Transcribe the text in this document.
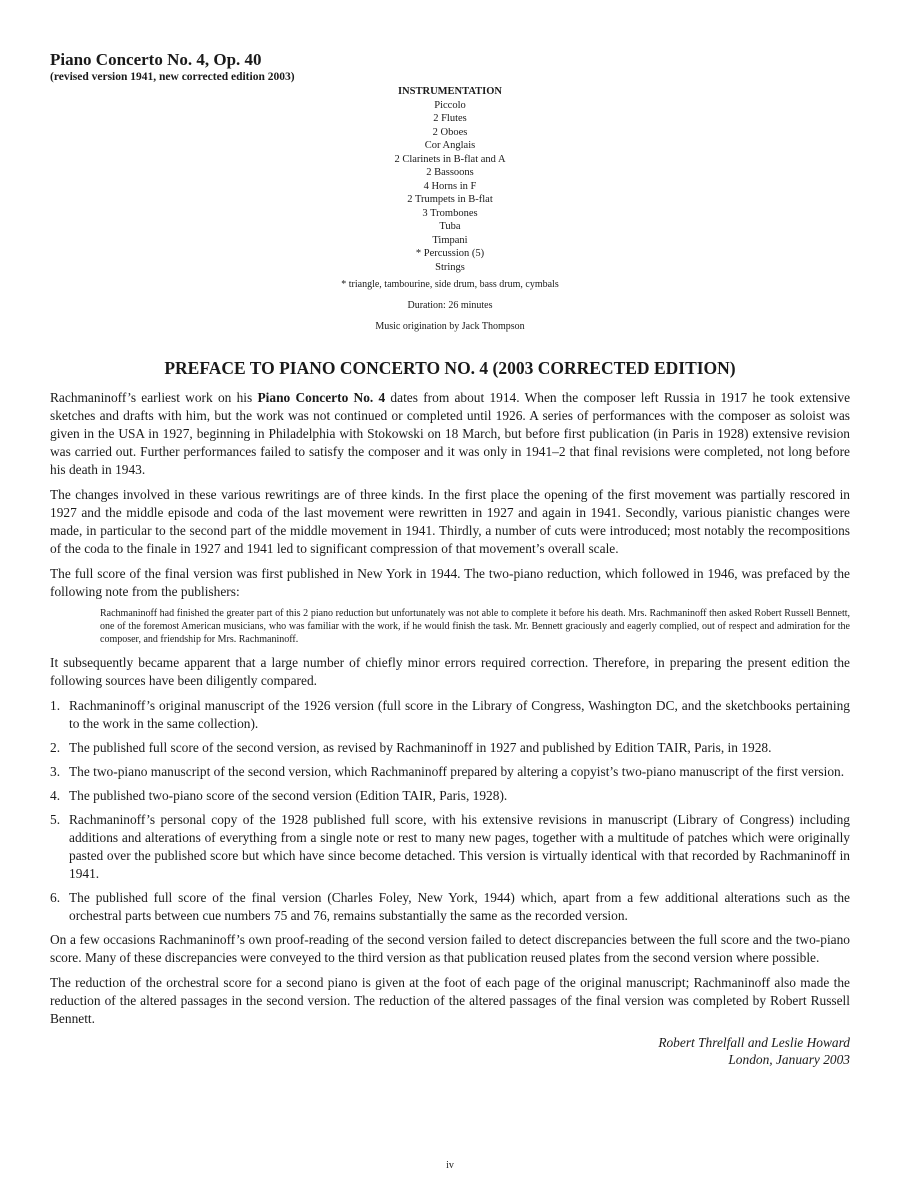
Piano Concerto No. 4, Op. 40
(revised version 1941, new corrected edition 2003)
INSTRUMENTATION
Piccolo
2 Flutes
2 Oboes
Cor Anglais
2 Clarinets in B-flat and A
2 Bassoons
4 Horns in F
2 Trumpets in B-flat
3 Trombones
Tuba
Timpani
* Percussion (5)
Strings
* triangle, tambourine, side drum, bass drum, cymbals
Duration: 26 minutes
Music origination by Jack Thompson
PREFACE TO PIANO CONCERTO NO. 4 (2003 CORRECTED EDITION)

Rachmaninoff’s earliest work on his Piano Concerto No. 4 dates from about 1914. When the composer left Russia in 1917 he took extensive sketches and drafts with him, but the work was not continued or completed until 1926. A series of performances with the composer as soloist was given in the USA in 1927, beginning in Philadelphia with Stokowski on 18 March, but before first publication (in Paris in 1928) extensive revision was carried out. Further performances failed to satisfy the composer and it was only in 1941–2 that final revisions were completed, not long before his death in 1943.

The changes involved in these various rewritings are of three kinds. In the first place the opening of the first movement was partially rescored in 1927 and the middle episode and coda of the last movement were rewritten in 1927 and again in 1941. Secondly, various pianistic changes were made, in particular to the second part of the middle movement in 1941. Thirdly, a number of cuts were introduced; most notably the recompositions of the coda to the finale in 1927 and 1941 led to significant compression of that movement’s overall scale.

The full score of the final version was first published in New York in 1944. The two-piano reduction, which followed in 1946, was prefaced by the following note from the publishers:

Rachmaninoff had finished the greater part of this 2 piano reduction but unfortunately was not able to complete it before his death. Mrs. Rachmaninoff then asked Robert Russell Bennett, one of the foremost American musicians, who was familiar with the work, if he would finish the task. Mr. Bennett graciously and eagerly complied, out of respect and admiration for the composer, and friendship for Mrs. Rachmaninoff.

It subsequently became apparent that a large number of chiefly minor errors required correction. Therefore, in preparing the present edition the following sources have been diligently compared.

1. Rachmaninoff’s original manuscript of the 1926 version (full score in the Library of Congress, Washington DC, and the sketchbooks pertaining to the work in the same collection).
2. The published full score of the second version, as revised by Rachmaninoff in 1927 and published by Edition TAIR, Paris, in 1928.
3. The two-piano manuscript of the second version, which Rachmaninoff prepared by altering a copyist’s two-piano manuscript of the first version.
4. The published two-piano score of the second version (Edition TAIR, Paris, 1928).
5. Rachmaninoff’s personal copy of the 1928 published full score, with his extensive revisions in manuscript (Library of Congress) including additions and alterations of everything from a single note or rest to many new pages, together with a multitude of patches which were originally pasted over the published score but which have since become detached. This version is virtually identical with that recorded by Rachmaninoff in 1941.
6. The published full score of the final version (Charles Foley, New York, 1944) which, apart from a few additional alterations such as the orchestral parts between cue numbers 75 and 76, remains substantially the same as the recorded version.

On a few occasions Rachmaninoff’s own proof-reading of the second version failed to detect discrepancies between the full score and the two-piano score. Many of these discrepancies were conveyed to the third version as that publication reused plates from the second version where possible.

The reduction of the orchestral score for a second piano is given at the foot of each page of the original manuscript; Rachmaninoff also made the reduction of the altered passages in the second version. The reduction of the altered passages of the final version was completed by Robert Russell Bennett.

Robert Threlfall and Leslie Howard
London, January 2003
iv
